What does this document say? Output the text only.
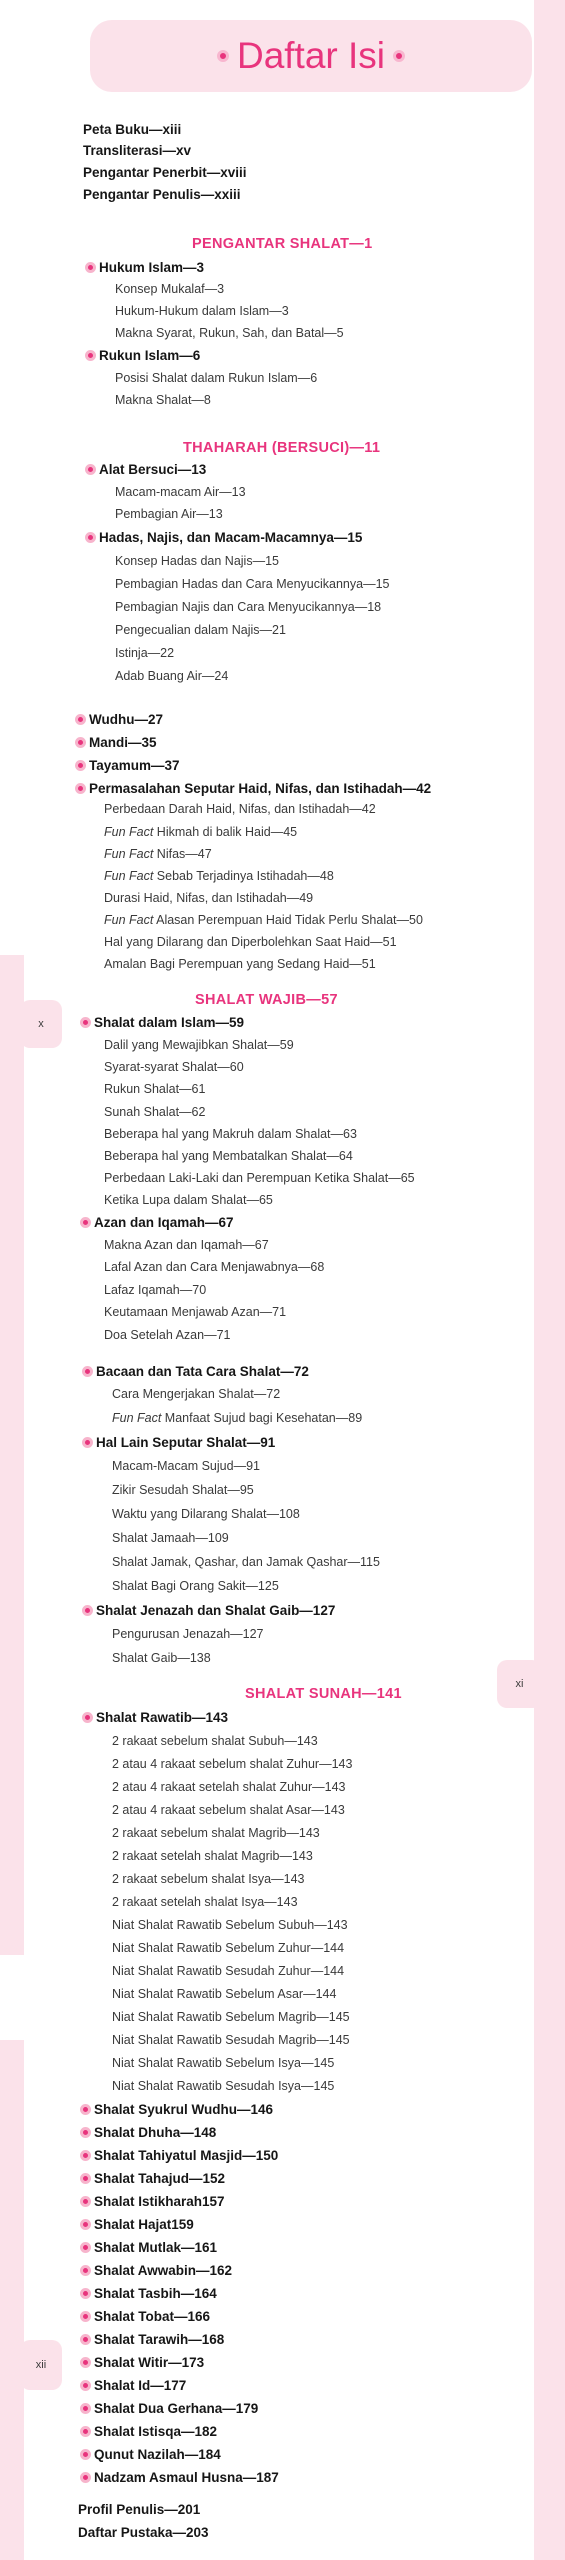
x
xi
xii
Daftar Isi
Peta Buku—xiii
Transliterasi—xv
Pengantar Penerbit—xviii
Pengantar Penulis—xxiii
PENGANTAR SHALAT—1
Hukum Islam—3
Konsep Mukalaf—3
Hukum-Hukum dalam Islam—3
Makna Syarat, Rukun, Sah, dan Batal—5
Rukun Islam—6
Posisi Shalat dalam Rukun Islam—6
Makna Shalat—8
THAHARAH (BERSUCI)—11
Alat Bersuci—13
Macam-macam Air—13
Pembagian Air—13
Hadas, Najis, dan Macam-Macamnya—15
Konsep Hadas dan Najis—15
Pembagian Hadas dan Cara Menyucikannya—15
Pembagian Najis dan Cara Menyucikannya—18
Pengecualian dalam Najis—21
Istinja—22
Adab Buang Air—24
Wudhu—27
Mandi—35
Tayamum—37
Permasalahan Seputar Haid, Nifas, dan Istihadah—42
Perbedaan Darah Haid, Nifas, dan Istihadah—42
Fun Fact Hikmah di balik Haid—45
Fun Fact Nifas—47
Fun Fact Sebab Terjadinya Istihadah—48
Durasi Haid, Nifas, dan Istihadah—49
Fun Fact Alasan Perempuan Haid Tidak Perlu Shalat—50
Hal yang Dilarang dan Diperbolehkan Saat Haid—51
Amalan Bagi Perempuan yang Sedang Haid—51
SHALAT WAJIB—57
Shalat dalam Islam—59
Dalil yang Mewajibkan Shalat—59
Syarat-syarat Shalat—60
Rukun Shalat—61
Sunah Shalat—62
Beberapa hal yang Makruh dalam Shalat—63
Beberapa hal yang Membatalkan Shalat—64
Perbedaan Laki-Laki dan Perempuan Ketika Shalat—65
Ketika Lupa dalam Shalat—65
Azan dan Iqamah—67
Makna Azan dan Iqamah—67
Lafal Azan dan Cara Menjawabnya—68
Lafaz Iqamah—70
Keutamaan Menjawab Azan—71
Doa Setelah Azan—71
Bacaan dan Tata Cara Shalat—72
Cara Mengerjakan Shalat—72
Fun Fact Manfaat Sujud bagi Kesehatan—89
Hal Lain Seputar Shalat—91
Macam-Macam Sujud—91
Zikir Sesudah Shalat—95
Waktu yang Dilarang Shalat—108
Shalat Jamaah—109
Shalat Jamak, Qashar, dan Jamak Qashar—115
Shalat Bagi Orang Sakit—125
Shalat Jenazah dan Shalat Gaib—127
Pengurusan Jenazah—127
Shalat Gaib—138
SHALAT SUNAH—141
Shalat Rawatib—143
2 rakaat sebelum shalat Subuh—143
2 atau 4 rakaat sebelum shalat Zuhur—143
2 atau 4 rakaat setelah shalat Zuhur—143
2 atau 4 rakaat sebelum shalat Asar—143
2 rakaat sebelum shalat Magrib—143
2 rakaat setelah shalat Magrib—143
2 rakaat sebelum shalat Isya—143
2 rakaat setelah shalat Isya—143
Niat Shalat Rawatib Sebelum Subuh—143
Niat Shalat Rawatib Sebelum Zuhur—144
Niat Shalat Rawatib Sesudah Zuhur—144
Niat Shalat Rawatib Sebelum Asar—144
Niat Shalat Rawatib Sebelum Magrib—145
Niat Shalat Rawatib Sesudah Magrib—145
Niat Shalat Rawatib Sebelum Isya—145
Niat Shalat Rawatib Sesudah Isya—145
Shalat Syukrul Wudhu—146
Shalat Dhuha—148
Shalat Tahiyatul Masjid—150
Shalat Tahajud—152
Shalat Istikharah157
Shalat Hajat159
Shalat Mutlak—161
Shalat Awwabin—162
Shalat Tasbih—164
Shalat Tobat—166
Shalat Tarawih—168
Shalat Witir—173
Shalat Id—177
Shalat Dua Gerhana—179
Shalat Istisqa—182
Qunut Nazilah—184
Nadzam Asmaul Husna—187
Profil Penulis—201
Daftar Pustaka—203
